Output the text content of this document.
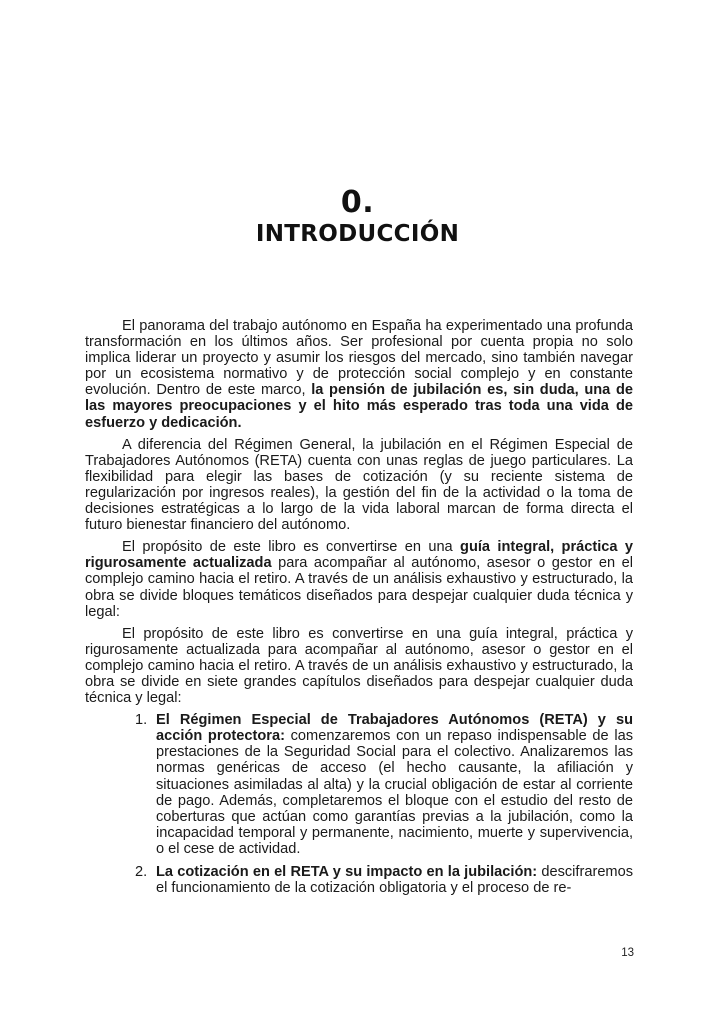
0.
INTRODUCCIÓN

El panorama del trabajo autónomo en España ha experimentado una profunda transformación en los últimos años. Ser profesional por cuenta propia no solo implica liderar un proyecto y asumir los riesgos del mercado, sino también navegar por un ecosistema normativo y de protección social complejo y en constante evolución. Dentro de este marco, la pensión de jubilación es, sin duda, una de las mayores preocupaciones y el hito más esperado tras toda una vida de esfuerzo y dedicación.

A diferencia del Régimen General, la jubilación en el Régimen Especial de Trabajadores Autónomos (RETA) cuenta con unas reglas de juego particulares. La flexibilidad para elegir las bases de cotización (y su reciente sistema de regularización por ingresos reales), la gestión del fin de la actividad o la toma de decisiones estratégicas a lo largo de la vida laboral marcan de forma directa el futuro bienestar financiero del autónomo.

El propósito de este libro es convertirse en una guía integral, práctica y rigurosamente actualizada para acompañar al autónomo, asesor o gestor en el complejo camino hacia el retiro. A través de un análisis exhaustivo y estructurado, la obra se divide bloques temáticos diseñados para despejar cualquier duda técnica y legal:

El propósito de este libro es convertirse en una guía integral, práctica y rigurosamente actualizada para acompañar al autónomo, asesor o gestor en el complejo camino hacia el retiro. A través de un análisis exhaustivo y estructurado, la obra se divide en siete grandes capítulos diseñados para despejar cualquier duda técnica y legal:

1. El Régimen Especial de Trabajadores Autónomos (RETA) y su acción protectora: comenzaremos con un repaso indispensable de las prestaciones de la Seguridad Social para el colectivo. Analizaremos las normas genéricas de acceso (el hecho causante, la afiliación y situaciones asimiladas al alta) y la crucial obligación de estar al corriente de pago. Además, completaremos el bloque con el estudio del resto de coberturas que actúan como garantías previas a la jubilación, como la incapacidad temporal y permanente, nacimiento, muerte y supervivencia, o el cese de actividad.
2. La cotización en el RETA y su impacto en la jubilación: descifraremos el funcionamiento de la cotización obligatoria y el proceso de re-
13
